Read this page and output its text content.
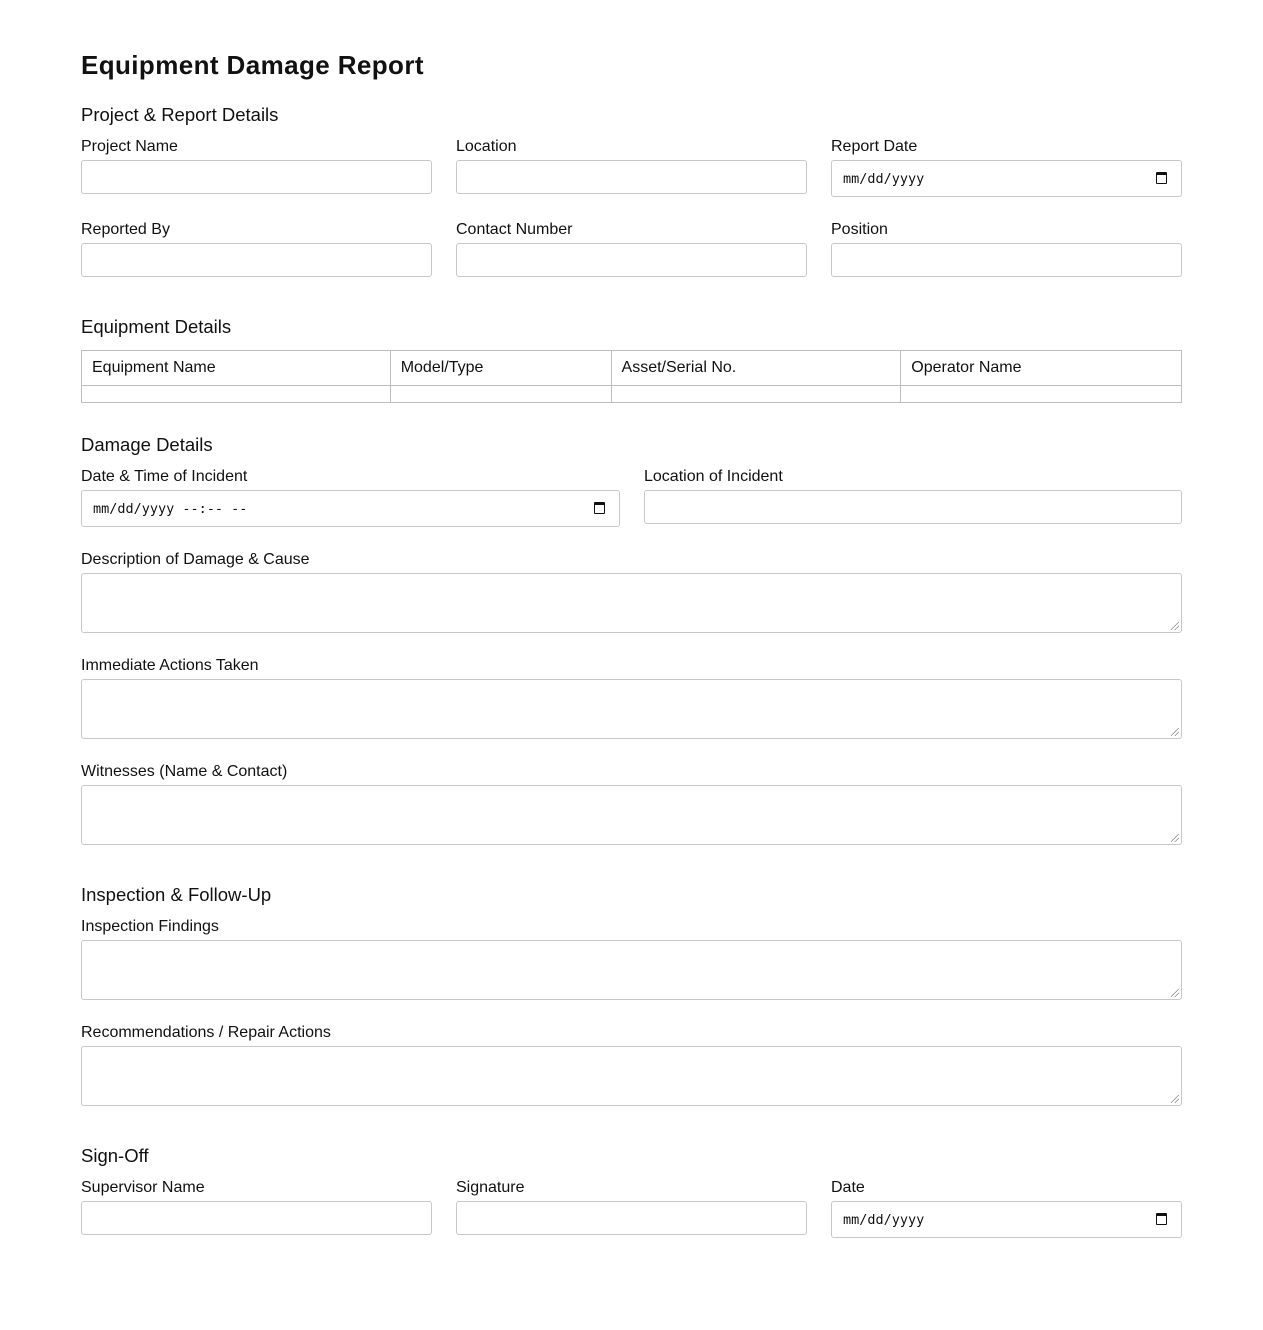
Equipment Damage Report
Project & Report Details
Project Name	Location	Report Date
mm/dd/yyyy
Reported By	Contact Number	Position
Equipment Details
Equipment Name	Model/Type	Asset/Serial No.	Operator Name

Damage Details
Date & Time of Incident
mm/dd/yyyy --:-- --
Location of Incident
Description of Damage & Cause
Immediate Actions Taken
Witnesses (Name & Contact)
Inspection & Follow-Up
Inspection Findings
Recommendations / Repair Actions
Sign-Off
Supervisor Name	Signature	Date
mm/dd/yyyy
